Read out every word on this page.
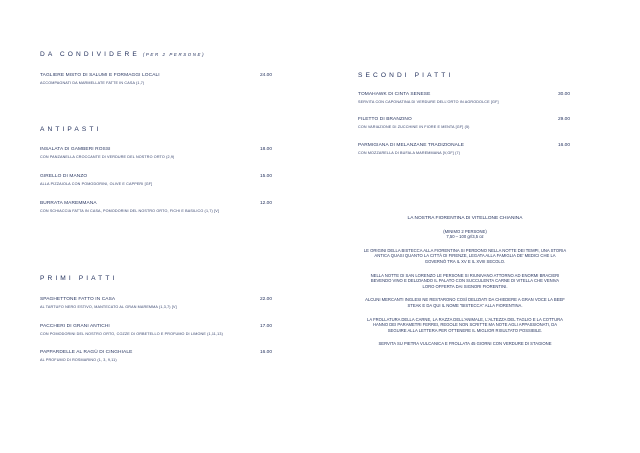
DA CONDIVIDERE (PER 2 PERSONE)
TAGLIERE MISTO DI SALUMI E FORMAGGI LOCALI	24.00
ACCOMPAGNATI DA MARMELLATE FATTE IN CASA (1,7)
ANTIPASTI
INSALATA DI GAMBERI ROSSI	18.00
CON PANZANELLA CROCCANTE DI VERDURE DEL NOSTRO ORTO (2,9)
GIRELLO DI MANZO	15.00
ALLA PIZZAIOLA CON POMODORINI, OLIVE E CAPPERI [GF]
BURRATA MAREMMANA	12.00
CON SCHIACCIA FATTA IN CASA, POMODORINI DEL NOSTRO ORTO, FICHI E BASILICO (1,7) [V]
PRIMI PIATTI
SPAGHETTONE FATTO IN CASA	22.00
AL TARTUFO NERO ESTIVO, MANTECATO AL GRAN MAREMMA (1,3,7) [V]
PACCHERI DI GRANI ANTICHI	17.00
CON POMODORINI DEL NOSTRO ORTO, COZZE DI ORBETELLO E PROFUMO DI LIMONE (1,11,13)
PAPPARDELLE AL RAGÙ DI CINGHIALE	16.00
AL PROFUMO DI ROSMARINO (1, 3, 9,11)
SECONDI PIATTI
TOMAHAWK DI CINTA SENESE	30.00
SERVITA CON CAPONATINA DI VERDURE DELL'ORTO IN AGRODOLCE [GF]
FILETTO DI BRANZINO	29.00
CON VARIAZIONE DI ZUCCHINE IN FIORE E MENTA [GF] (5)
PARMIGIANA DI MELANZANE TRADIZIONALE	16.00
CON MOZZARELLA DI BUFALA MAREMMANA [V,GF] (7)

LA NOSTRA FIORENTINA DI VITELLONE CHIANINA

(MINIMO 2 PERSONE)

7,50 – 100 gr/3,5 oz

LE ORIGINI DELLA BISTECCA ALLA FIORENTINA SI PERDONO NELLA NOTTE DEI TEMPI, UNA STORIA

ANTICA QUASI QUANTO LA CITTÀ DI FIRENZE, LEGATA ALLA FAMIGLIA DE' MEDICI CHE LA

GOVERNÒ TRA IL XV E IL XVIII SECOLO.

NELLA NOTTE DI SAN LORENZO LE PERSONE SI RIUNIVANO ATTORNO AD ENORMI BRACIERI

BEVENDO VINO E DELIZIANDO IL PALATO CON SUCCULENTA CARNE DI VITELLA CHE VENIVA

LORO OFFERTA DAI SIGNORI FIORENTINI.

ALCUNI MERCANTI INGLESI NE RESTARONO COSÌ DELIZIATI DA CHIEDERE A GRAN VOCE LA BEEF

STEAK E DA QUI IL NOME "BISTECCA" ALLA FIORENTINA.

LA FROLLATURA DELLA CARNE, LA RAZZA DELL'ANIMALE, L'ALTEZZA DEL TAGLIO E LA COTTURA

HANNO DEI PARAMETRI FERREI, REGOLE NON SCRITTE MA NOTE AGLI APPASSIONATI, DA

SEGUIRE ALLA LETTERA PER OTTENERE IL MIGLIOR RISULTATO POSSIBILE.

SERVITA SU PIETRA VULCANICA E FROLLATA 45 GIORNI CON VERDURE DI STAGIONE
